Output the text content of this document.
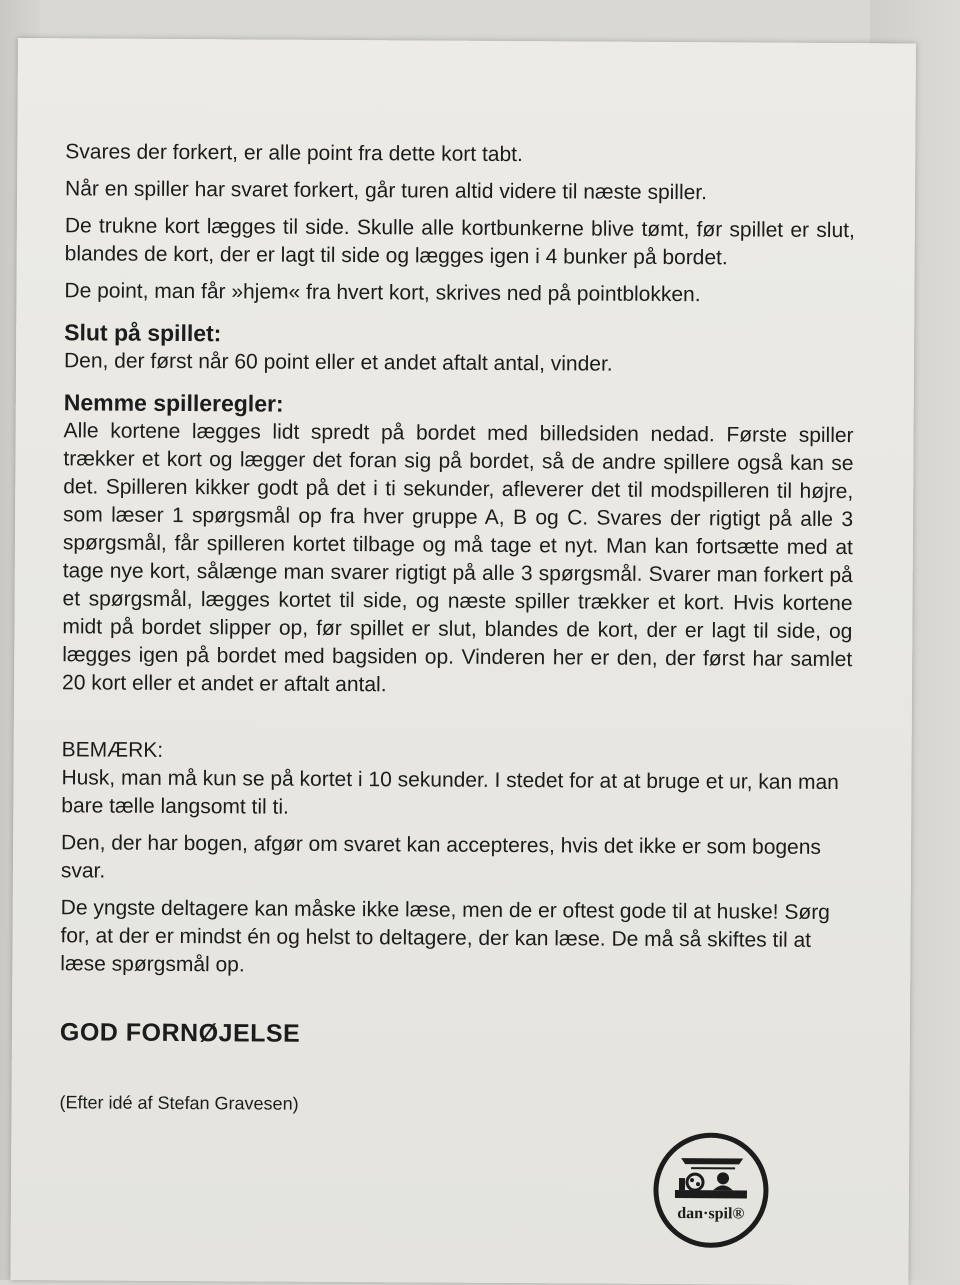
Svares der forkert, er alle point fra dette kort tabt.

Når en spiller har svaret forkert, går turen altid videre til næste spiller.

De trukne kort lægges til side. Skulle alle kortbunkerne blive tømt, før spillet er slut, blandes de kort, der er lagt til side og lægges igen i 4 bunker på bordet.

De point, man får »hjem« fra hvert kort, skrives ned på pointblokken.

Slut på spillet:

Den, der først når 60 point eller et andet aftalt antal, vinder.

Nemme spilleregler:

Alle kortene lægges lidt spredt på bordet med billedsiden nedad. Første spiller trækker et kort og lægger det foran sig på bordet, så de andre spillere også kan se det. Spilleren kikker godt på det i ti sekunder, afleverer det til modspilleren til højre, som læser 1 spørgsmål op fra hver gruppe A, B og C. Svares der rigtigt på alle 3 spørgsmål, får spilleren kortet tilbage og må tage et nyt. Man kan fortsætte med at tage nye kort, sålænge man svarer rigtigt på alle 3 spørgsmål. Svarer man forkert på et spørgsmål, lægges kortet til side, og næste spiller trækker et kort. Hvis kortene midt på bordet slipper op, før spillet er slut, blandes de kort, der er lagt til side, og lægges igen på bordet med bagsiden op. Vinderen her er den, der først har samlet 20 kort eller et andet er aftalt antal.

BEMÆRK:

Husk, man må kun se på kortet i 10 sekunder. I stedet for at at bruge et ur, kan man bare tælle langsomt til ti.

Den, der har bogen, afgør om svaret kan accepteres, hvis det ikke er som bogens svar.

De yngste deltagere kan måske ikke læse, men de er oftest gode til at huske! Sørg for, at der er mindst én og helst to deltagere, der kan læse. De må så skiftes til at læse spørgsmål op.

GOD FORNØJELSE
(Efter idé af Stefan Gravesen)
dan·spil®
